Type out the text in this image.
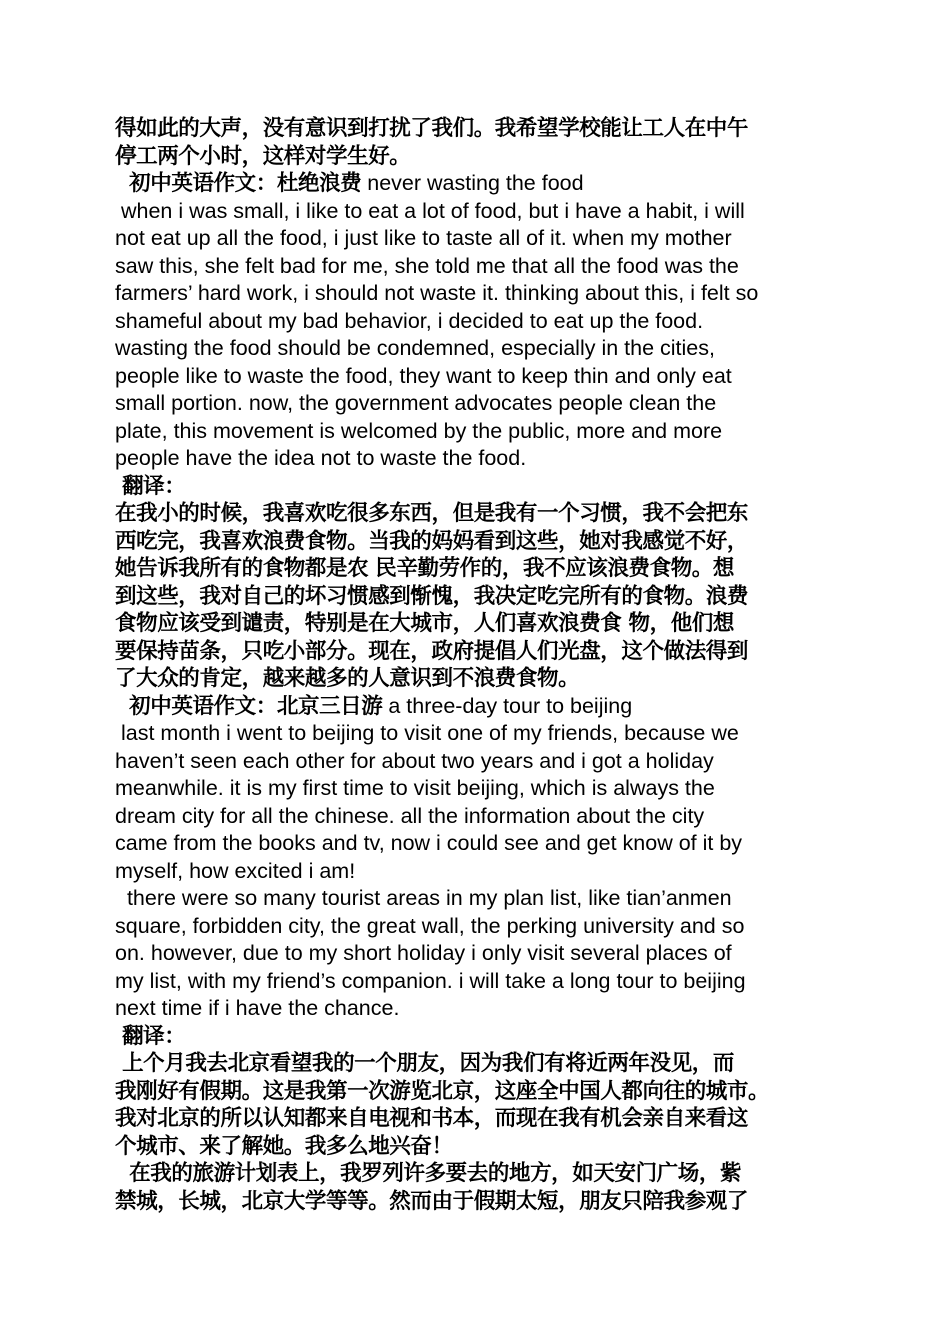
得如此的大声，没有意识到打扰了我们。我希望学校能让工人在中午
停工两个小时，这样对学生好。
初中英语作文：杜绝浪费 never wasting the food
when i was small, i like to eat a lot of food, but i have a habit, i will
not eat up all the food, i just like to taste all of it. when my mother
saw this, she felt bad for me, she told me that all the food was the
farmers’ hard work, i should not waste it. thinking about this, i felt so
shameful about my bad behavior, i decided to eat up the food.
wasting the food should be condemned, especially in the cities,
people like to waste the food, they want to keep thin and only eat
small portion. now, the government advocates people clean the
plate, this movement is welcomed by the public, more and more
people have the idea not to waste the food.
翻译：
在我小的时候，我喜欢吃很多东西，但是我有一个习惯，我不会把东
西吃完，我喜欢浪费食物。当我的妈妈看到这些，她对我感觉不好，
她告诉我所有的食物都是农 民辛勤劳作的，我不应该浪费食物。想
到这些，我对自己的坏习惯感到惭愧，我决定吃完所有的食物。浪费
食物应该受到谴责，特别是在大城市，人们喜欢浪费食 物，他们想
要保持苗条，只吃小部分。现在，政府提倡人们光盘，这个做法得到
了大众的肯定，越来越多的人意识到不浪费食物。
初中英语作文：北京三日游 a three-day tour to beijing
last month i went to beijing to visit one of my friends, because we
haven’t seen each other for about two years and i got a holiday
meanwhile. it is my first time to visit beijing, which is always the
dream city for all the chinese. all the information about the city
came from the books and tv, now i could see and get know of it by
myself, how excited i am!
there were so many tourist areas in my plan list, like tian’anmen
square, forbidden city, the great wall, the perking university and so
on. however, due to my short holiday i only visit several places of
my list, with my friend’s companion. i will take a long tour to beijing
next time if i have the chance.
翻译：
上个月我去北京看望我的一个朋友，因为我们有将近两年没见，而
我刚好有假期。这是我第一次游览北京，这座全中国人都向往的城市。
我对北京的所以认知都来自电视和书本，而现在我有机会亲自来看这
个城市、来了解她。我多么地兴奋！
在我的旅游计划表上，我罗列许多要去的地方，如天安门广场，紫
禁城，长城，北京大学等等。然而由于假期太短，朋友只陪我参观了
